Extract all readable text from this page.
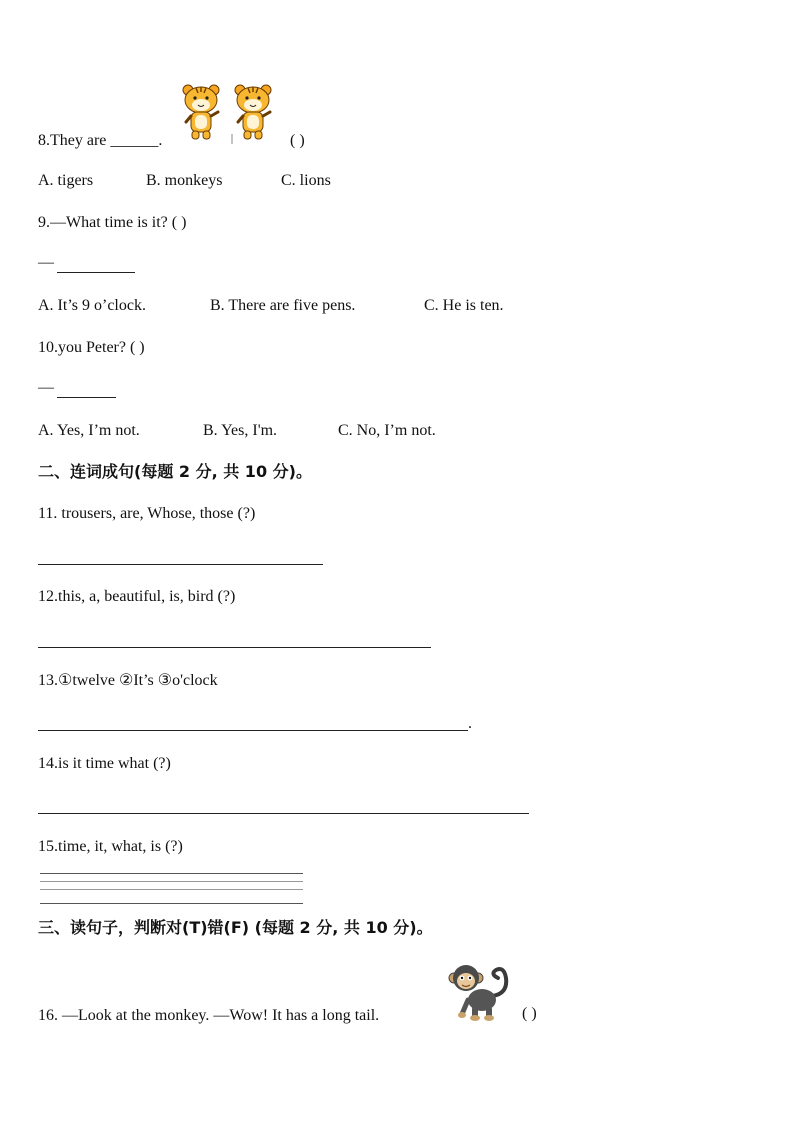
8.They are ______.	( )
A. tigers	B. monkeys	C. lions
9.—What time is it? ( )
—
A. It’s 9 o’clock.	B. There are five pens.	C. He is ten.
10.you Peter? ( )
—
A. Yes, I’m not.	B. Yes, I'm.	C. No, I’m not.
二、连词成句(每题 2 分, 共 10 分)。
11. trousers, are, Whose, those (?)
12.this, a, beautiful, is, bird (?)
13.①twelve ②It’s ③o'clock
.
14.is it time what (?)
15.time, it, what, is (?)
三、读句子，判断对(T)错(F) (每题 2 分, 共 10 分)。
16. —Look at the monkey. —Wow! It has a long tail.	( )
